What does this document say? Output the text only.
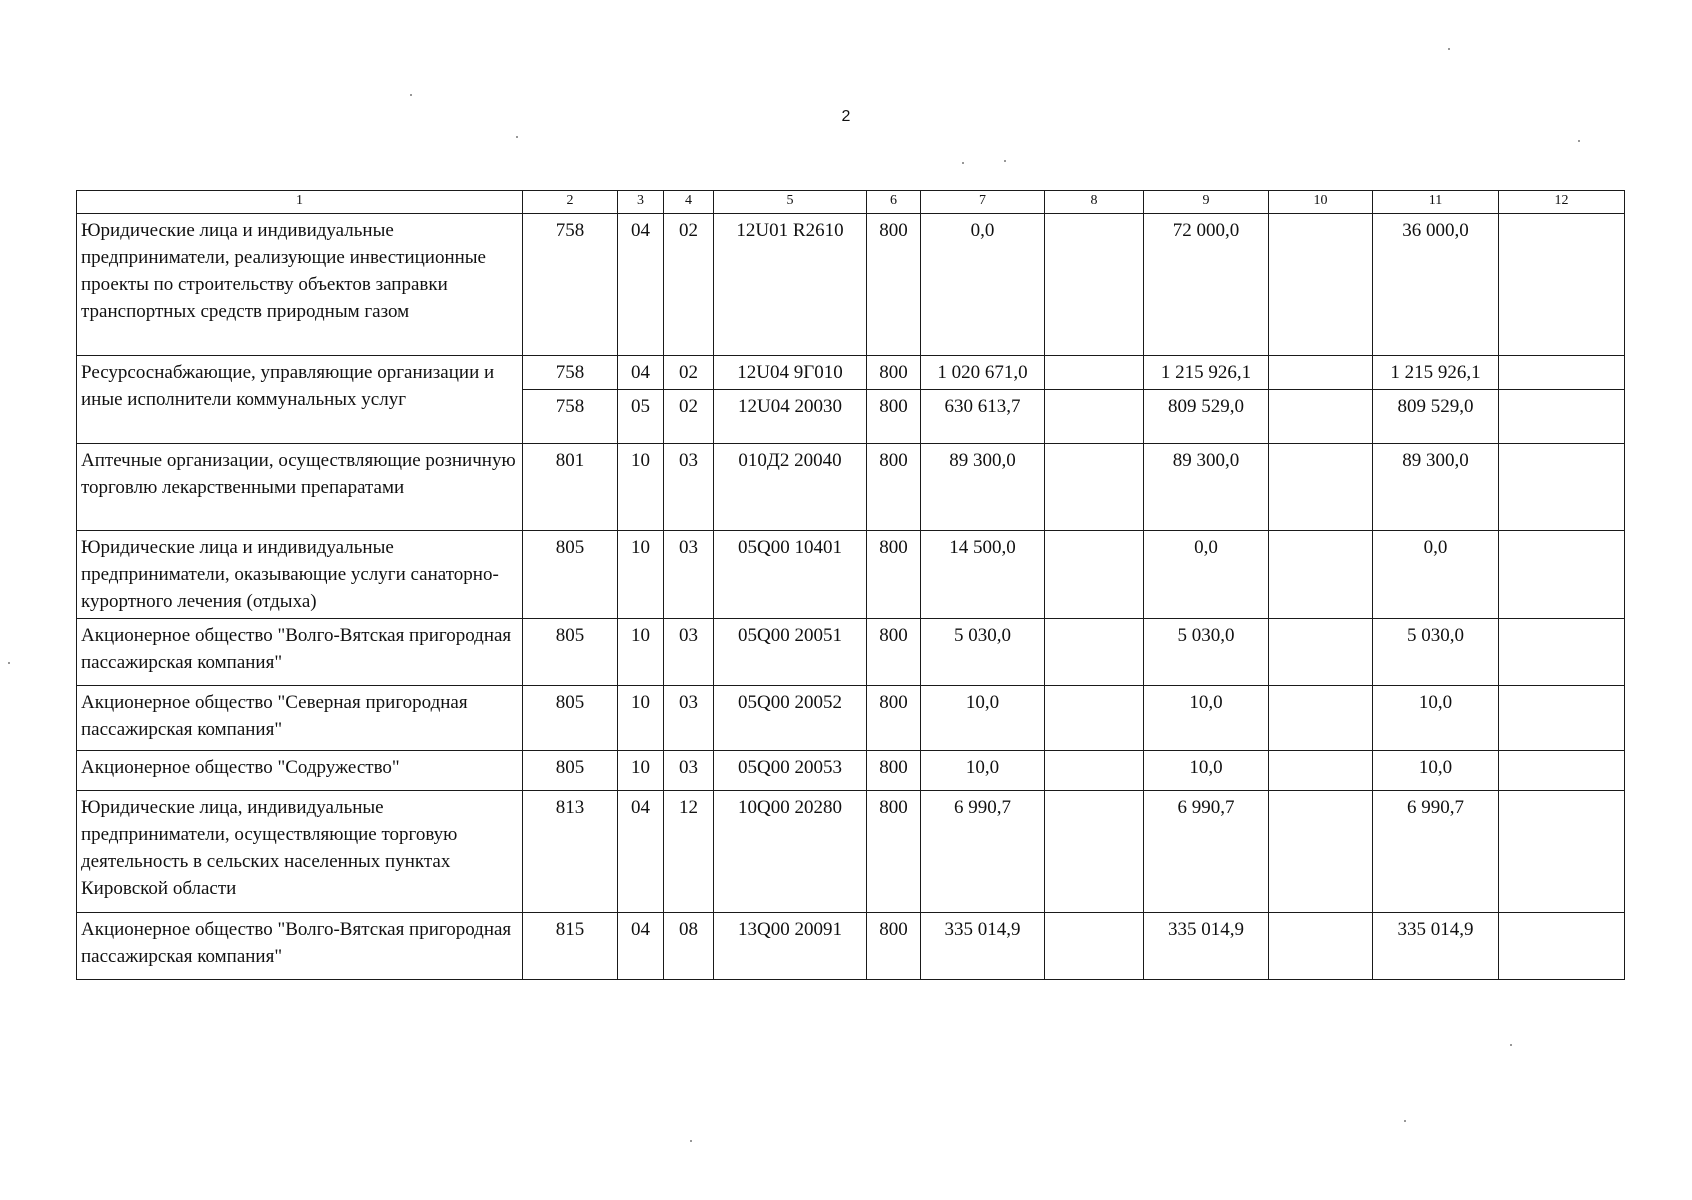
2
1	2	3	4	5	6	7	8	9	10	11	12
Юридические лица и индивидуальные предприниматели, реализующие инвестиционные проекты по строительству объектов заправки транспортных средств природным газом	758	04	02	12U01 R2610	800	0,0		72 000,0		36 000,0	
Ресурсоснабжающие, управляющие организации и иные исполнители коммунальных услуг	758	04	02	12U04 9Г010	800	1 020 671,0		1 215 926,1		1 215 926,1	
	758	05	02	12U04 20030	800	630 613,7		809 529,0		809 529,0	
Аптечные организации, осуществляющие розничную торговлю лекарственными препаратами	801	10	03	010Д2 20040	800	89 300,0		89 300,0		89 300,0	
Юридические лица и индивидуальные предприниматели, оказывающие услуги санаторно-курортного лечения (отдыха)	805	10	03	05Q00 10401	800	14 500,0		0,0		0,0	
Акционерное общество "Волго-Вятская пригородная пассажирская компания"	805	10	03	05Q00 20051	800	5 030,0		5 030,0		5 030,0	
Акционерное общество "Северная пригородная пассажирская компания"	805	10	03	05Q00 20052	800	10,0		10,0		10,0	
Акционерное общество "Содружество"	805	10	03	05Q00 20053	800	10,0		10,0		10,0	
Юридические лица, индивидуальные предприниматели, осуществляющие торговую деятельность в сельских населенных пунктах Кировской области	813	04	12	10Q00 20280	800	6 990,7		6 990,7		6 990,7	
Акционерное общество "Волго-Вятская пригородная пассажирская компания"	815	04	08	13Q00 20091	800	335 014,9		335 014,9		335 014,9	
